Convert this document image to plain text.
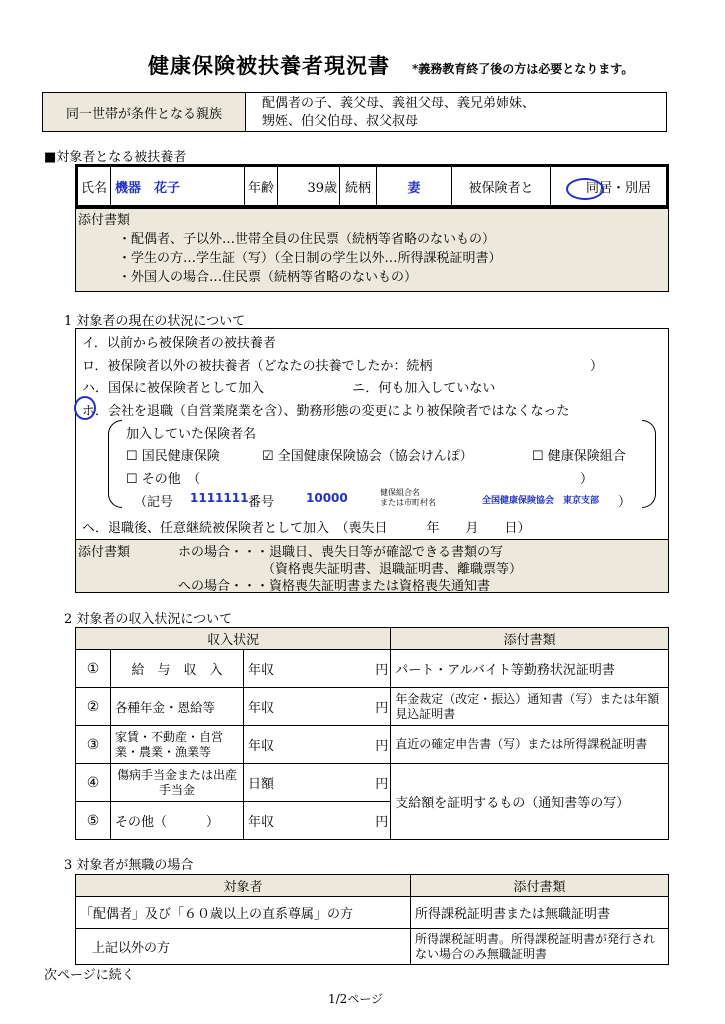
健康保険被扶養者現況書 *義務教育終了後の方は必要となります。
同一世帯が条件となる親族
配偶者の子、義父母、義祖父母、義兄弟姉妹、
甥姪、伯父伯母、叔父叔母
■対象者となる被扶養者
氏名 機器　花子	年齢	39歳 続柄	妻	被保険者と	同居・別居
添付書類
・配偶者、子以外…世帯全員の住民票（続柄等省略のないもの）
・学生の方…学生証（写）（全日制の学生以外…所得課税証明書）
・外国人の場合…住民票（続柄等省略のないもの）
1 対象者の現在の状況について
イ．以前から被保険者の被扶養者
ロ．被保険者以外の被扶養者（どなたの扶養でしたか：続柄	）
ハ．国保に被保険者として加入	ニ．何も加入していない
ホ．会社を退職（自営業廃業を含）、勤務形態の変更により被保険者ではなくなった
加入していた保険者名
☐ 国民健康保険	☑ 全国健康保険協会（協会けんぽ）	☐ 健康保険組合
☐ その他　（	）
（記号 1111111 番号	10000	健保組合名
または市町村名	全国健康保険協会　東京支部 ）
ヘ．退職後、任意継続被保険者として加入　（喪失日　　　年　　月　　日）
添付書類	ホの場合・・・退職日、喪失日等が確認できる書類の写
（資格喪失証明書、退職証明書、離職票等）
への場合・・・資格喪失証明書または資格喪失通知書
2 対象者の収入状況について
収入状況			添付書類
①	給　与　収　入	年収 円	パート・アルバイト等勤務状況証明書
②	各種年金・恩給等	年収 円	年金裁定（改定・振込）通知書（写）または年額見込証明書
③	家賃・不動産・自営業・農業・漁業等	年収 円	直近の確定申告書（写）または所得課税証明書
④	傷病手当金または出産手当金	日額 円	支給額を証明するもの（通知書等の写）
⑤	その他（　　　）	年収 円	
3 対象者が無職の場合
対象者	添付書類
「配偶者」及び「６０歳以上の直系尊属」の方	所得課税証明書または無職証明書
上記以外の方	所得課税証明書。所得課税証明書が発行されない場合のみ無職証明書
次ページに続く
1/2ページ
